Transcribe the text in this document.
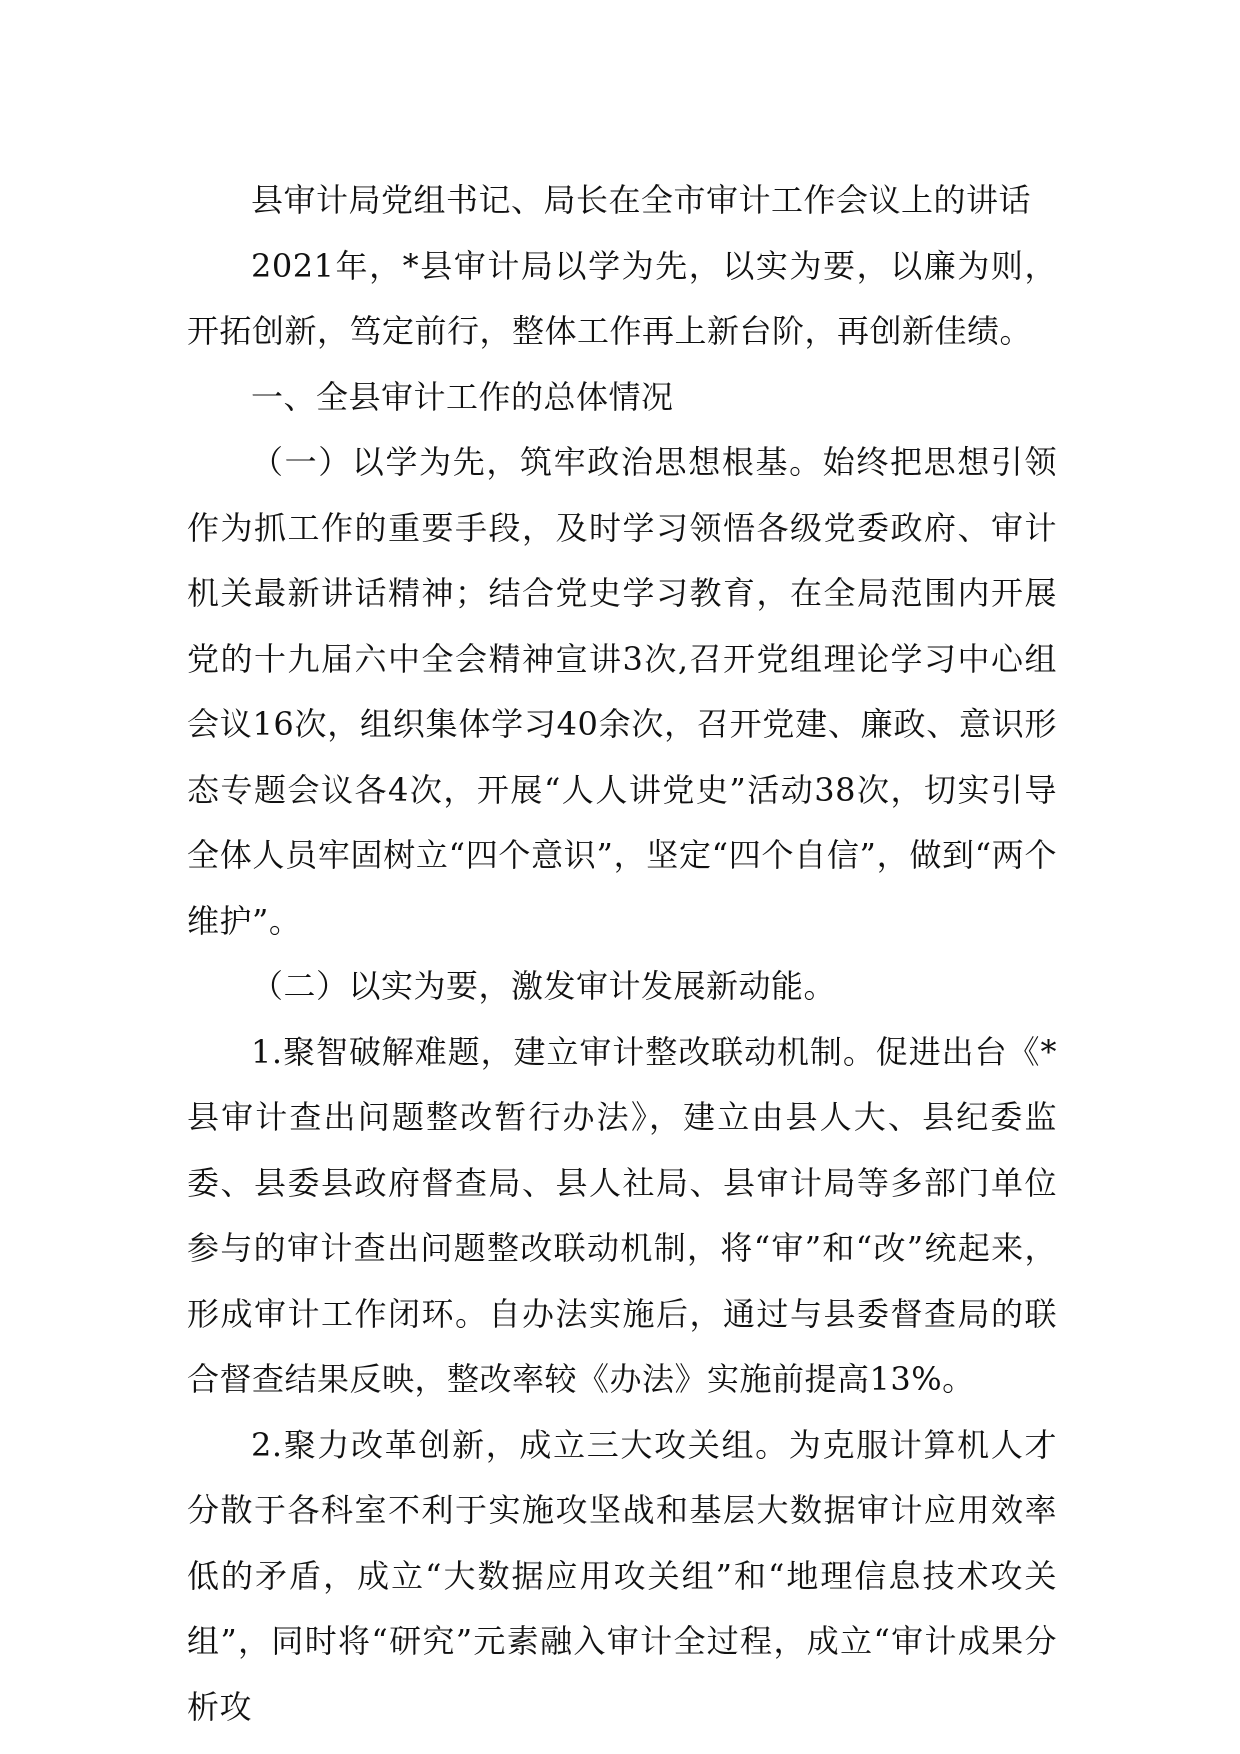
县审计局党组书记、局长在全市审计工作会议上的讲话

2021年，*县审计局以学为先，以实为要，以廉为则，开拓创新，笃定前行，整体工作再上新台阶，再创新佳绩。

一、全县审计工作的总体情况

（一）以学为先，筑牢政治思想根基。始终把思想引领作为抓工作的重要手段，及时学习领悟各级党委政府、审计机关最新讲话精神；结合党史学习教育，在全局范围内开展党的十九届六中全会精神宣讲3次,召开党组理论学习中心组会议16次，组织集体学习40余次，召开党建、廉政、意识形态专题会议各4次，开展“人人讲党史”活动38次，切实引导全体人员牢固树立“四个意识”，坚定“四个自信”，做到“两个维护”。

（二）以实为要，激发审计发展新动能。

1.聚智破解难题，建立审计整改联动机制。促进出台《*县审计查出问题整改暂行办法》，建立由县人大、县纪委监委、县委县政府督查局、县人社局、县审计局等多部门单位参与的审计查出问题整改联动机制，将“审”和“改”统起来，形成审计工作闭环。自办法实施后，通过与县委督查局的联合督查结果反映，整改率较《办法》实施前提高13%。

2.聚力改革创新，成立三大攻关组。为克服计算机人才分散于各科室不利于实施攻坚战和基层大数据审计应用效率低的矛盾，成立“大数据应用攻关组”和“地理信息技术攻关组”，同时将“研究”元素融入审计全过程，成立“审计成果分析攻
